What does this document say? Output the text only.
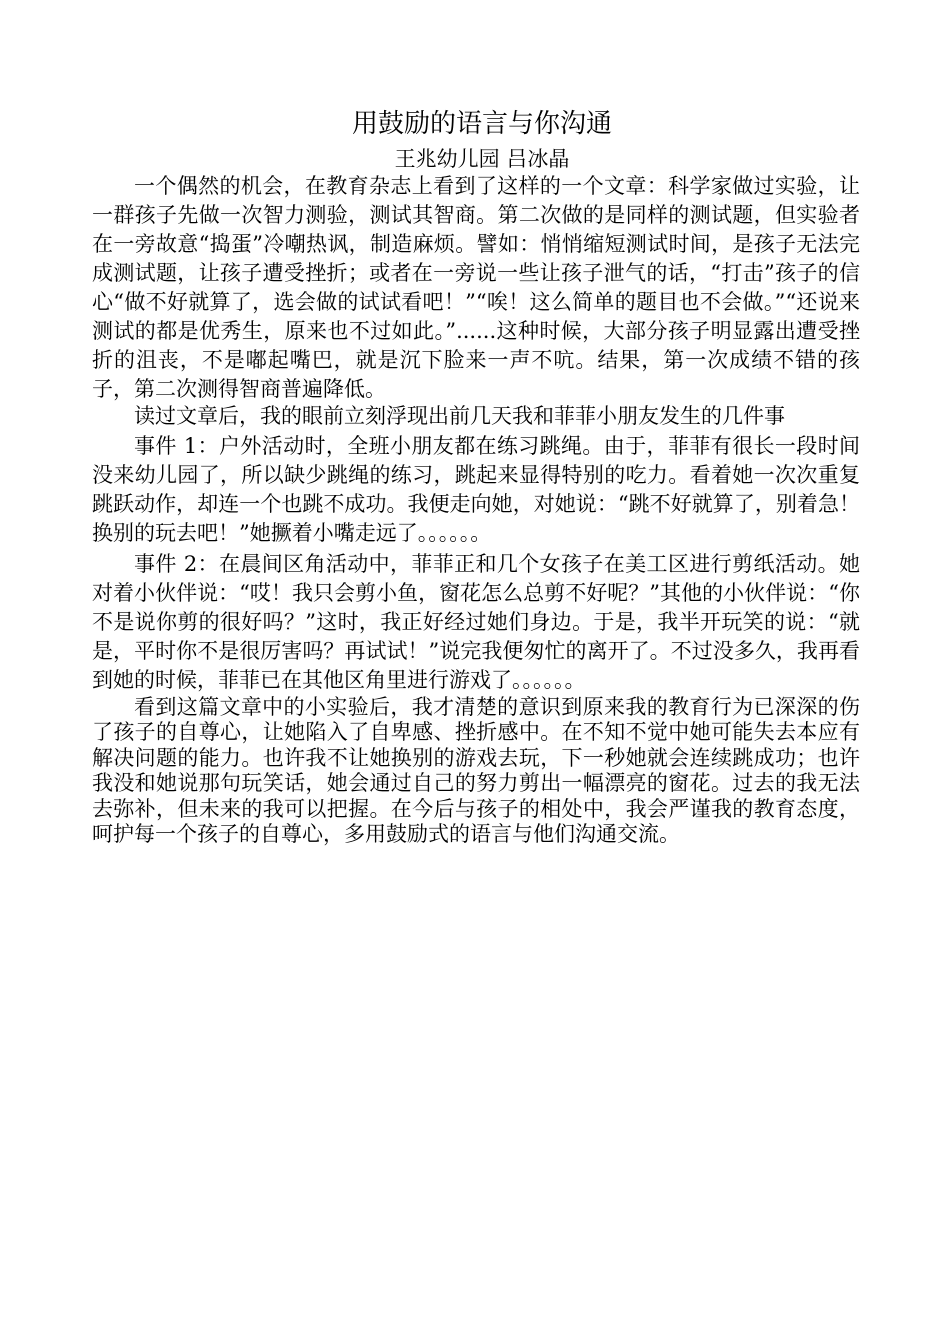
用鼓励的语言与你沟通
王兆幼儿园 吕冰晶

一个偶然的机会，在教育杂志上看到了这样的一个文章：科学家做过实验，让一群孩子先做一次智力测验，测试其智商。第二次做的是同样的测试题，但实验者在一旁故意“捣蛋”冷嘲热讽，制造麻烦。譬如：悄悄缩短测试时间，是孩子无法完成测试题，让孩子遭受挫折；或者在一旁说一些让孩子泄气的话，“打击”孩子的信心“做不好就算了，选会做的试试看吧！”“唉！这么简单的题目也不会做。”“还说来测试的都是优秀生，原来也不过如此。”......这种时候，大部分孩子明显露出遭受挫折的沮丧，不是嘟起嘴巴，就是沉下脸来一声不吭。结果，第一次成绩不错的孩子，第二次测得智商普遍降低。

读过文章后，我的眼前立刻浮现出前几天我和菲菲小朋友发生的几件事

事件 1：户外活动时，全班小朋友都在练习跳绳。由于，菲菲有很长一段时间没来幼儿园了，所以缺少跳绳的练习，跳起来显得特别的吃力。看着她一次次重复跳跃动作，却连一个也跳不成功。我便走向她，对她说：“跳不好就算了，别着急！换别的玩去吧！”她撅着小嘴走远了。。。。。。

事件 2：在晨间区角活动中，菲菲正和几个女孩子在美工区进行剪纸活动。她对着小伙伴说：“哎！我只会剪小鱼，窗花怎么总剪不好呢？”其他的小伙伴说：“你不是说你剪的很好吗？”这时，我正好经过她们身边。于是，我半开玩笑的说：“就是，平时你不是很厉害吗？再试试！”说完我便匆忙的离开了。不过没多久，我再看到她的时候，菲菲已在其他区角里进行游戏了。。。。。。

看到这篇文章中的小实验后，我才清楚的意识到原来我的教育行为已深深的伤了孩子的自尊心，让她陷入了自卑感、挫折感中。在不知不觉中她可能失去本应有解决问题的能力。也许我不让她换别的游戏去玩，下一秒她就会连续跳成功；也许我没和她说那句玩笑话，她会通过自己的努力剪出一幅漂亮的窗花。过去的我无法去弥补，但未来的我可以把握。在今后与孩子的相处中，我会严谨我的教育态度，呵护每一个孩子的自尊心，多用鼓励式的语言与他们沟通交流。
